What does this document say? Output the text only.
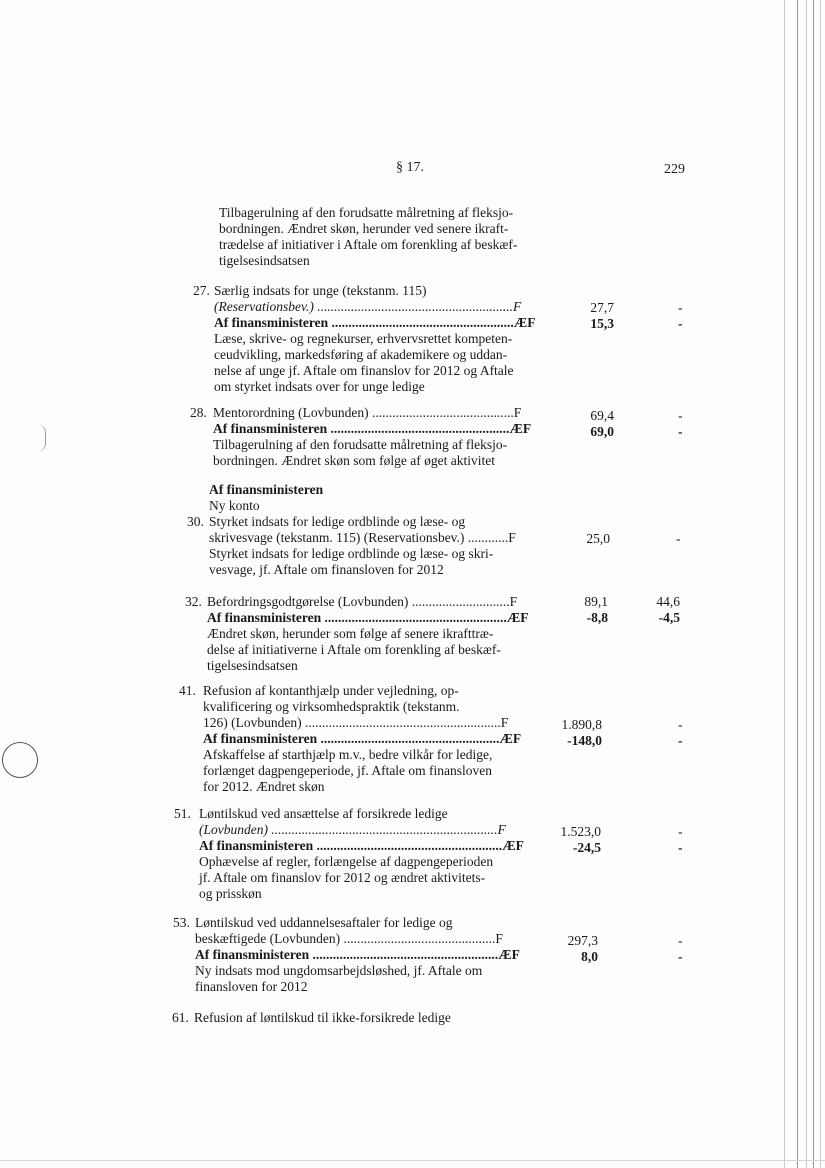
§ 17.	229
Tilbagerulning af den forudsatte målretning af fleksjo-
bordningen. Ændret skøn, herunder ved senere ikraft-
trædelse af initiativer i Aftale om forenkling af beskæf-
tigelsesindsatsen
27. Særlig indsats for unge (tekstanm. 115)
(Reservationsbev.) ..........................................................F
Af finansministeren ......................................................ÆF
Læse, skrive- og regnekurser, erhvervsrettet kompeten-
ceudvikling, markedsføring af akademikere og uddan-
nelse af unge jf. Aftale om finanslov for 2012 og Aftale
om styrket indsats over for unge ledige
27,7
15,3
-
-
28. Mentorordning (Lovbunden) ..........................................F
Af finansministeren .....................................................ÆF
Tilbagerulning af den forudsatte målretning af fleksjo-
bordningen. Ændret skøn som følge af øget aktivitet
69,4
69,0
-
-
Af finansministeren
Ny konto
30. Styrket indsats for ledige ordblinde og læse- og
skrivesvage (tekstanm. 115) (Reservationsbev.) ............F
Styrket indsats for ledige ordblinde og læse- og skri-
vesvage, jf. Aftale om finansloven for 2012
25,0	-
32. Befordringsgodtgørelse (Lovbunden) .............................F
Af finansministeren ......................................................ÆF
Ændret skøn, herunder som følge af senere ikrafttræ-
delse af initiativerne i Aftale om forenkling af beskæf-
tigelsesindsatsen
89,1
-8,8
44,6
-4,5
41. Refusion af kontanthjælp under vejledning, op-
kvalificering og virksomhedspraktik (tekstanm.
126) (Lovbunden) ..........................................................F
Af finansministeren .....................................................ÆF
Afskaffelse af starthjælp m.v., bedre vilkår for ledige,
forlænget dagpengeperiode, jf. Aftale om finansloven
for 2012. Ændret skøn
1.890,8
-148,0
-
-
51. Løntilskud ved ansættelse af forsikrede ledige
(Lovbunden) ...................................................................F
Af finansministeren .......................................................ÆF
Ophævelse af regler, forlængelse af dagpengeperioden
jf. Aftale om finanslov for 2012 og ændret aktivitets-
og prisskøn
1.523,0
-24,5
-
-
53. Løntilskud ved uddannelsesaftaler for ledige og
beskæftigede (Lovbunden) .............................................F
Af finansministeren .......................................................ÆF
Ny indsats mod ungdomsarbejdsløshed, jf. Aftale om
finansloven for 2012
297,3
8,0
-
-
61. Refusion af løntilskud til ikke-forsikrede ledige
